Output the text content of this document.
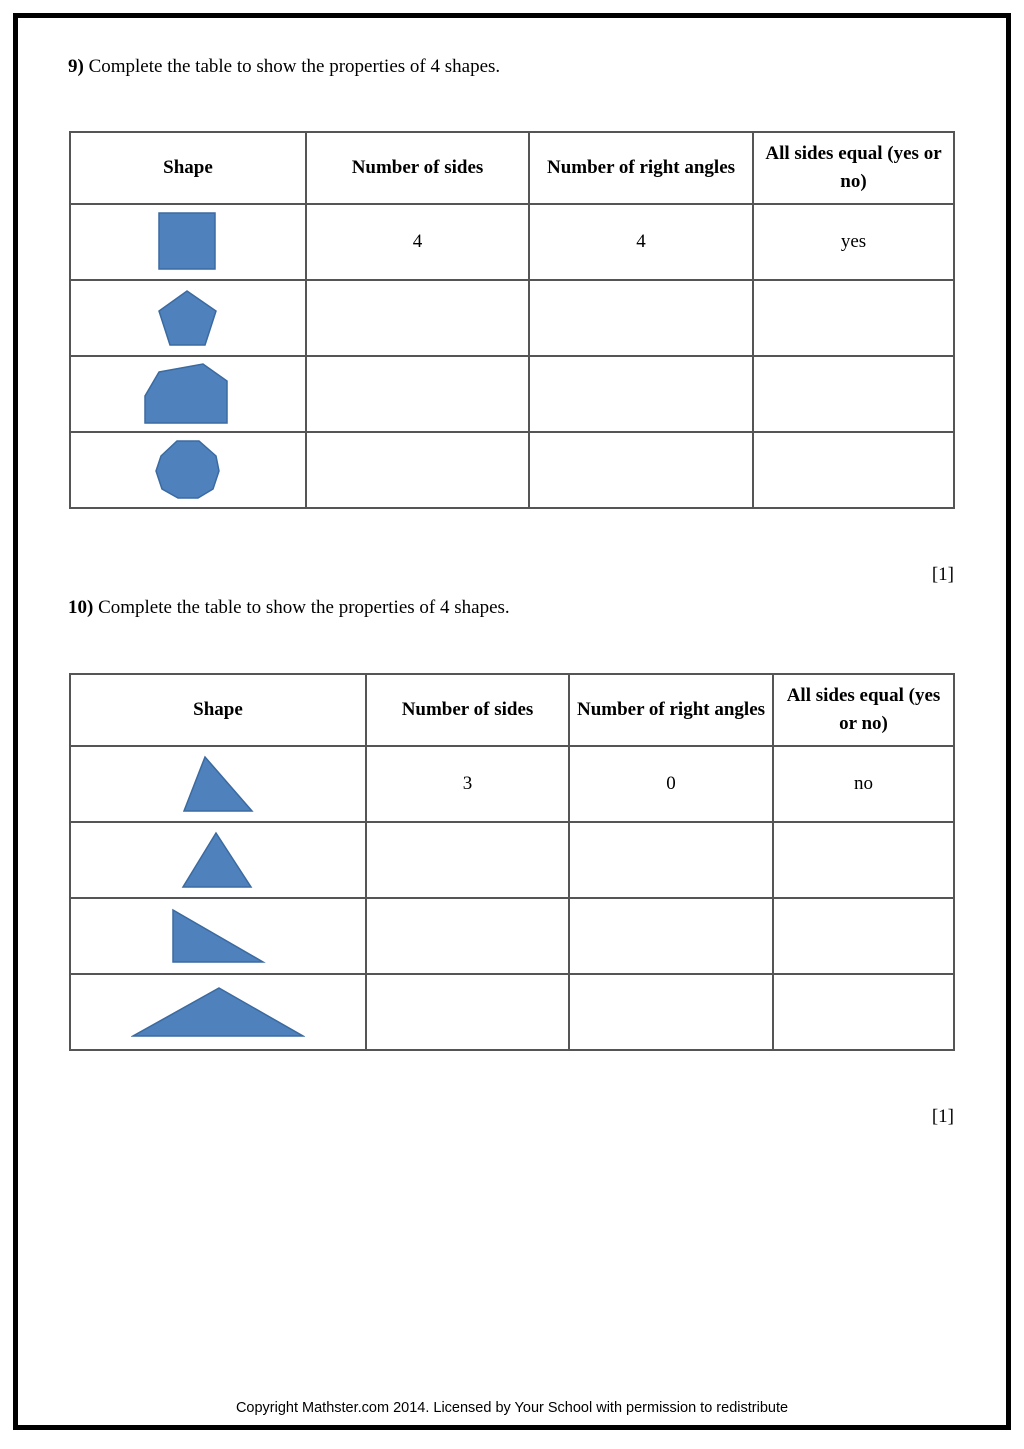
9) Complete the table to show the properties of 4 shapes.
Shape	Number of sides	Number of right angles	All sides equal (yes or no)

	4	4	yes

[1]
10) Complete the table to show the properties of 4 shapes.
Shape	Number of sides	Number of right angles	All sides equal (yes or no)

	3	0	no

[1]
Copyright Mathster.com 2014. Licensed by Your School with permission to redistribute
